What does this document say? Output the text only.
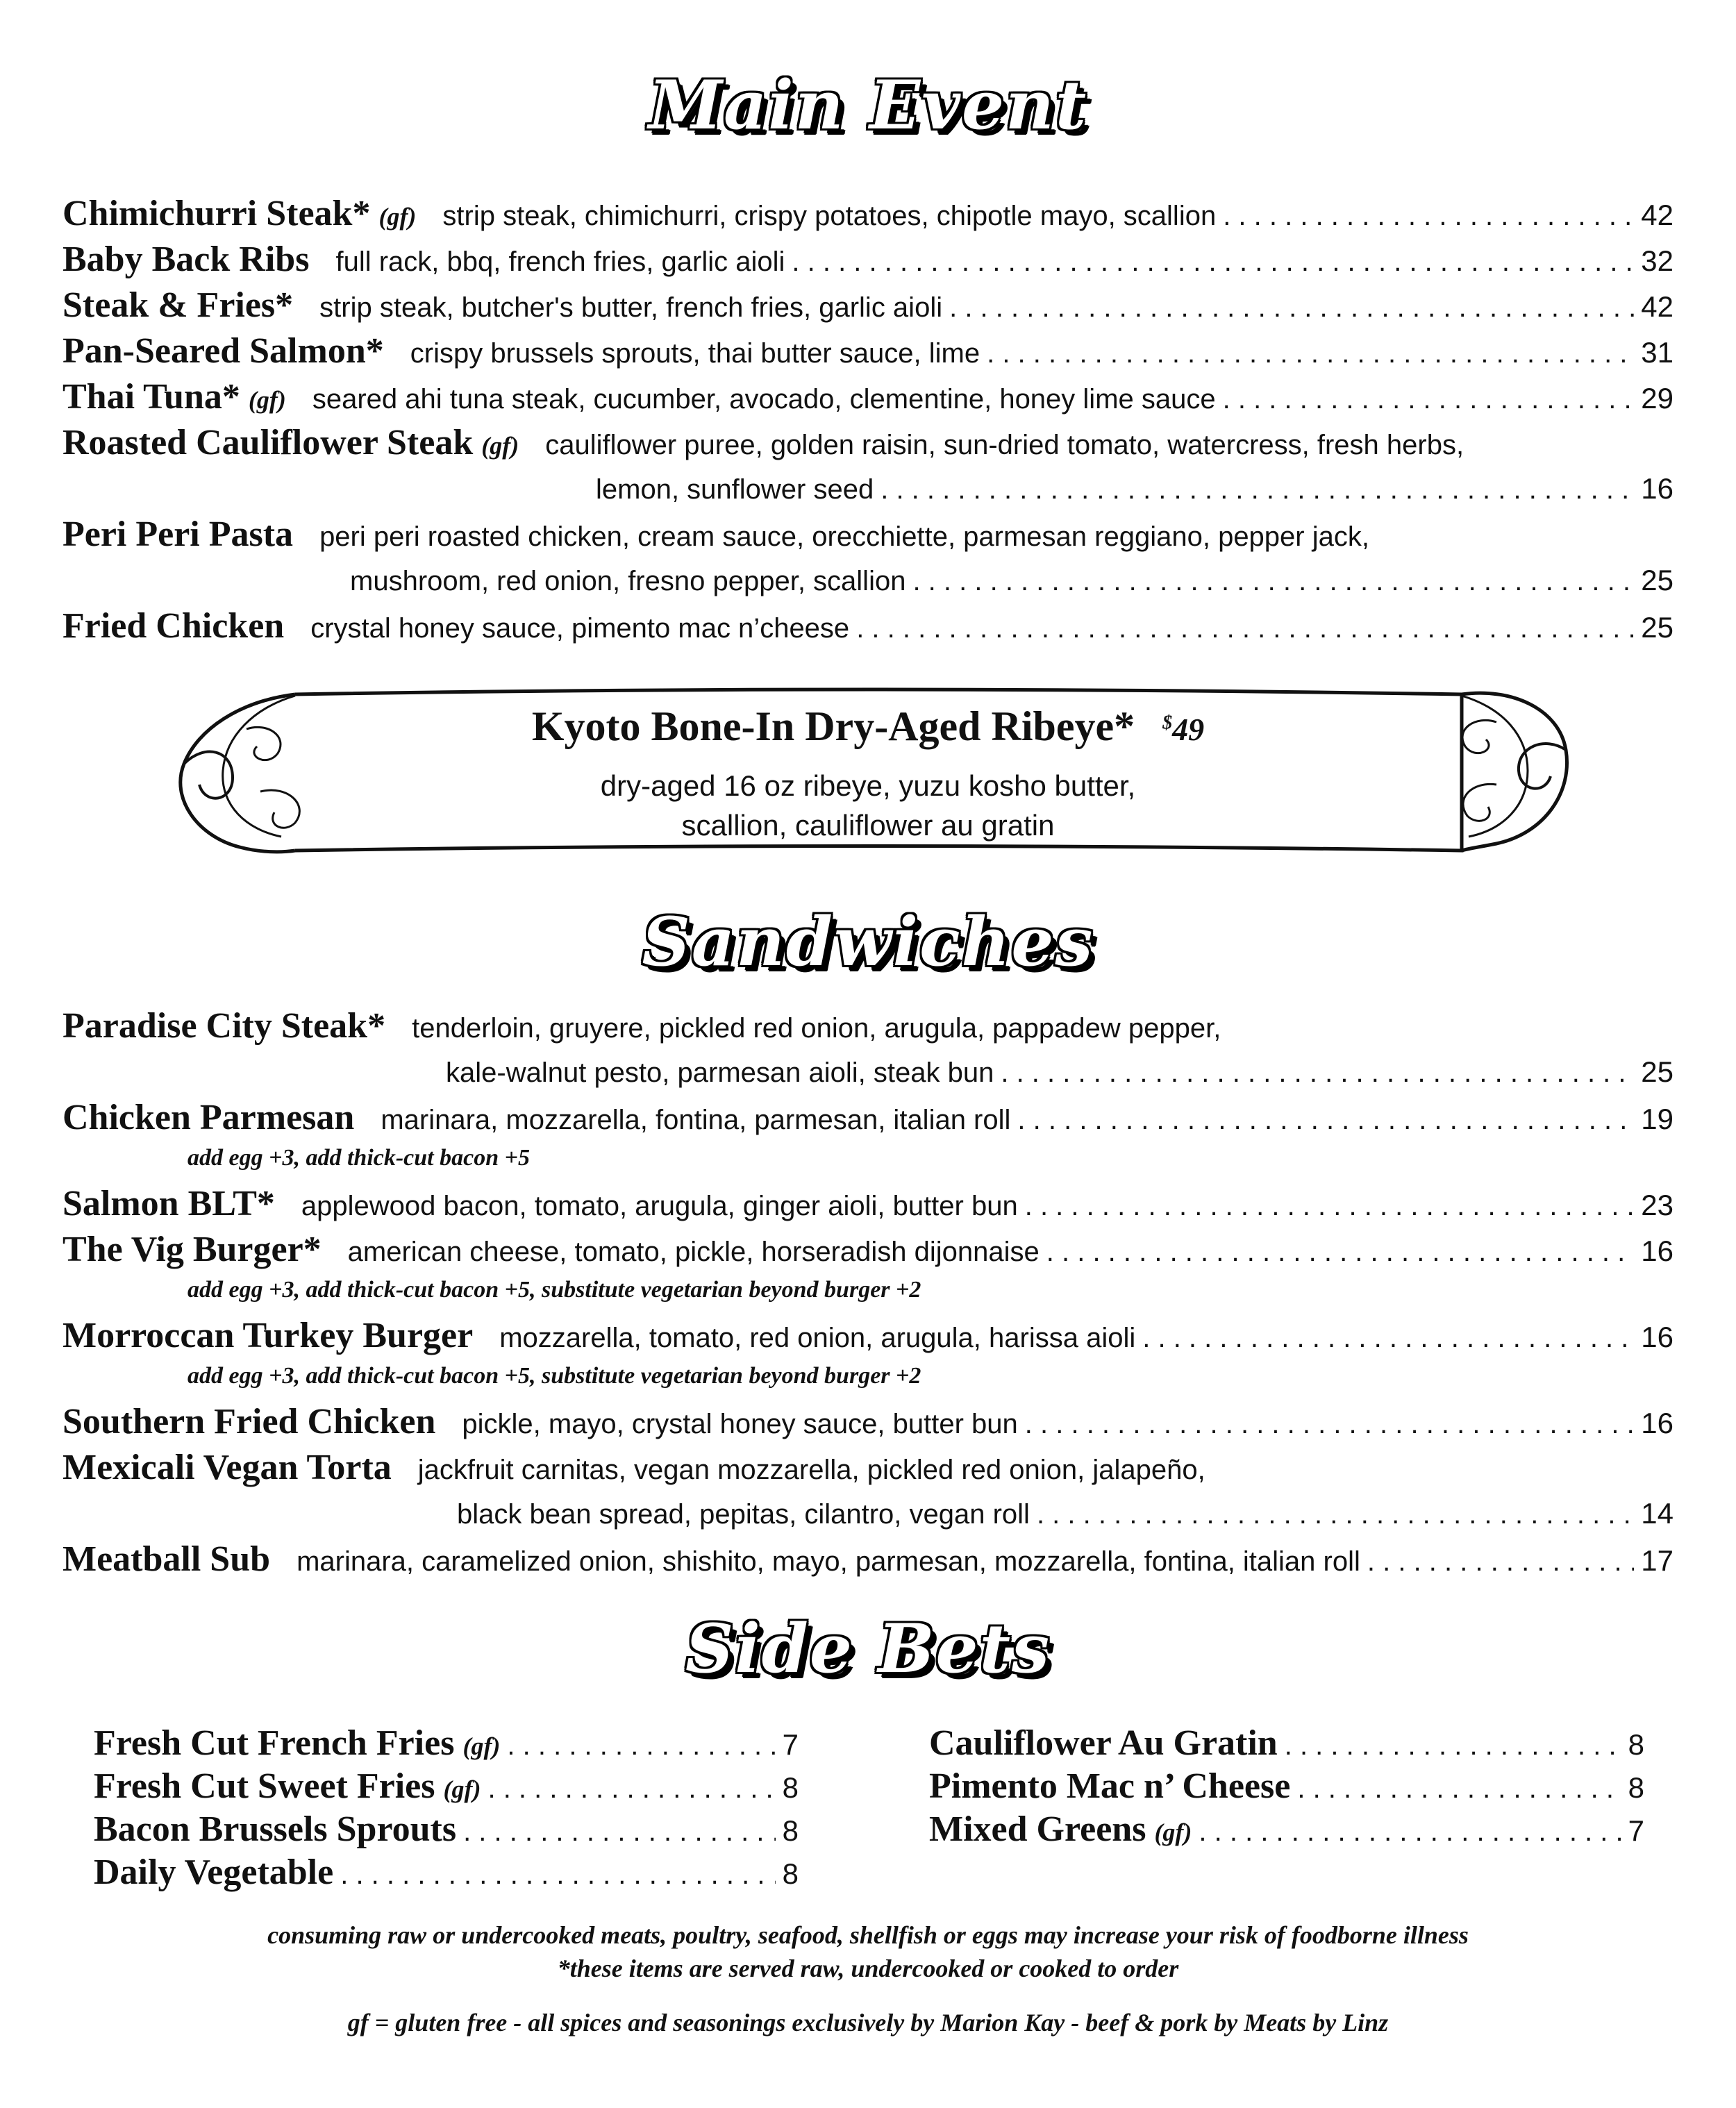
Main Event
Chimichurri Steak* (gf) strip steak, chimichurri, crispy potatoes, chipotle mayo, scallion . . .	42
Baby Back Ribs full rack, bbq, french fries, garlic aioli . . .	32
Steak & Fries* strip steak, butcher's butter, french fries, garlic aioli . . .	42
Pan-Seared Salmon* crispy brussels sprouts, thai butter sauce, lime . . .	31
Thai Tuna* (gf) seared ahi tuna steak, cucumber, avocado, clementine, honey lime sauce . . .	29
Roasted Cauliflower Steak (gf) cauliflower puree, golden raisin, sun-dried tomato, watercress, fresh herbs,
lemon, sunflower seed . . .	16
Peri Peri Pasta peri peri roasted chicken, cream sauce, orecchiette, parmesan reggiano, pepper jack,
mushroom, red onion, fresno pepper, scallion . . .	25
Fried Chicken crystal honey sauce, pimento mac n’cheese . . .	25
Kyoto Bone-In Dry-Aged Ribeye* $49
dry-aged 16 oz ribeye, yuzu kosho butter,
scallion, cauliflower au gratin
Sandwiches
Paradise City Steak* tenderloin, gruyere, pickled red onion, arugula, pappadew pepper,
kale-walnut pesto, parmesan aioli, steak bun . . .	25
Chicken Parmesan marinara, mozzarella, fontina, parmesan, italian roll . . .	19
add egg +3, add thick-cut bacon +5
Salmon BLT* applewood bacon, tomato, arugula, ginger aioli, butter bun . . .	23
The Vig Burger* american cheese, tomato, pickle, horseradish dijonnaise . . .	16
add egg +3, add thick-cut bacon +5, substitute vegetarian beyond burger +2
Morroccan Turkey Burger mozzarella, tomato, red onion, arugula, harissa aioli . . .	16
add egg +3, add thick-cut bacon +5, substitute vegetarian beyond burger +2
Southern Fried Chicken pickle, mayo, crystal honey sauce, butter bun . . .	16
Mexicali Vegan Torta jackfruit carnitas, vegan mozzarella, pickled red onion, jalapeño,
black bean spread, pepitas, cilantro, vegan roll . . .	14
Meatball Sub marinara, caramelized onion, shishito, mayo, parmesan, mozzarella, fontina, italian roll . . .	17
Side Bets
Fresh Cut French Fries (gf) . . .	7
Fresh Cut Sweet Fries (gf) . . .	8
Bacon Brussels Sprouts . . .	8
Daily Vegetable . . .	8
Cauliflower Au Gratin . . .	8
Pimento Mac n’ Cheese . . .	8
Mixed Greens (gf) . . .	7
consuming raw or undercooked meats, poultry, seafood, shellfish or eggs may increase your risk of foodborne illness
*these items are served raw, undercooked or cooked to order
gf = gluten free - all spices and seasonings exclusively by Marion Kay - beef & pork by Meats by Linz
